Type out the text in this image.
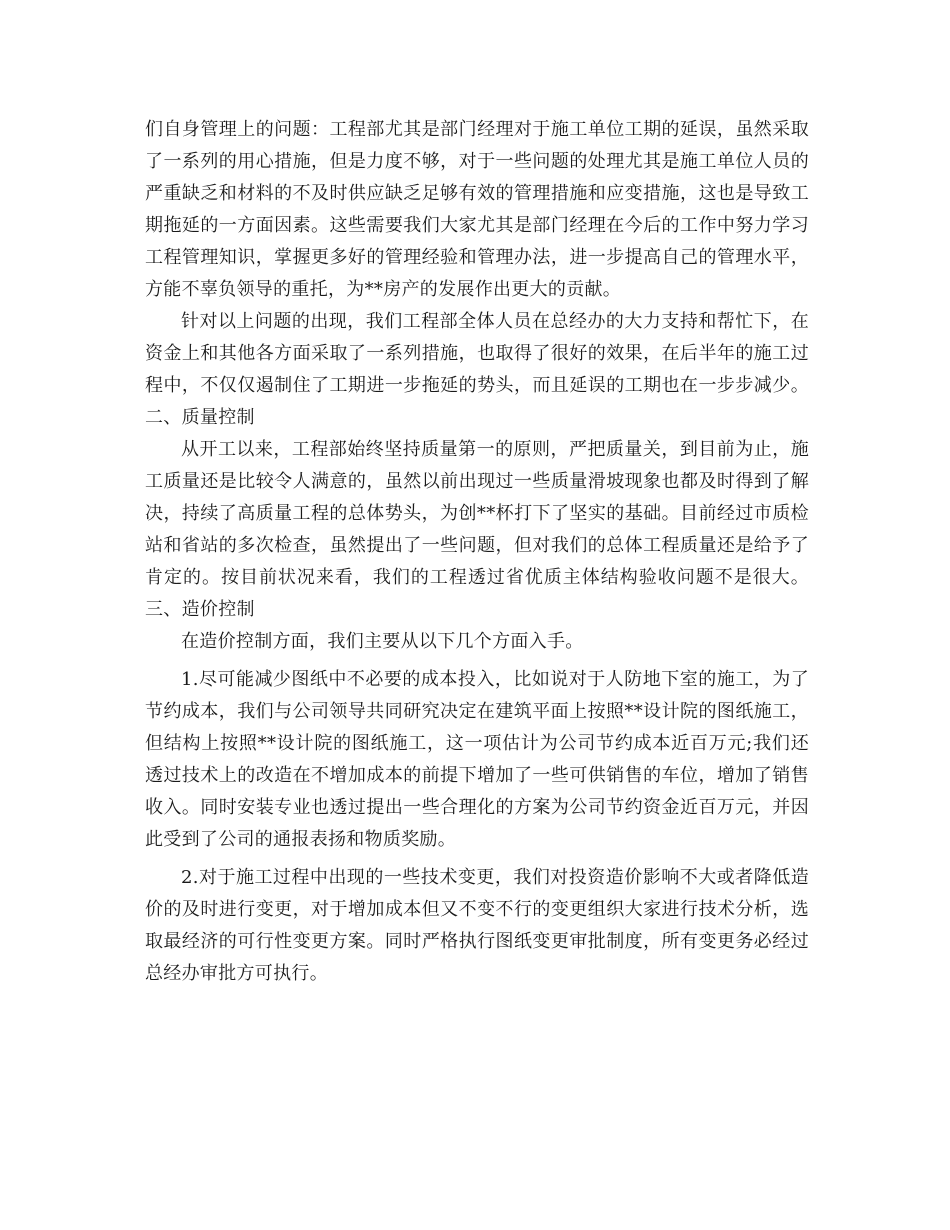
们自身管理上的问题：工程部尤其是部门经理对于施工单位工期的延误，虽然采取了一系列的用心措施，但是力度不够，对于一些问题的处理尤其是施工单位人员的严重缺乏和材料的不及时供应缺乏足够有效的管理措施和应变措施，这也是导致工期拖延的一方面因素。这些需要我们大家尤其是部门经理在今后的工作中努力学习工程管理知识，掌握更多好的管理经验和管理办法，进一步提高自己的管理水平，方能不辜负领导的重托，为**房产的发展作出更大的贡献。

针对以上问题的出现，我们工程部全体人员在总经办的大力支持和帮忙下，在资金上和其他各方面采取了一系列措施，也取得了很好的效果，在后半年的施工过程中，不仅仅遏制住了工期进一步拖延的势头，而且延误的工期也在一步步减少。二、质量控制

从开工以来，工程部始终坚持质量第一的原则，严把质量关，到目前为止，施工质量还是比较令人满意的，虽然以前出现过一些质量滑坡现象也都及时得到了解决，持续了高质量工程的总体势头，为创**杯打下了坚实的基础。目前经过市质检站和省站的多次检查，虽然提出了一些问题，但对我们的总体工程质量还是给予了肯定的。按目前状况来看，我们的工程透过省优质主体结构验收问题不是很大。三、造价控制

在造价控制方面，我们主要从以下几个方面入手。

1.尽可能减少图纸中不必要的成本投入，比如说对于人防地下室的施工，为了节约成本，我们与公司领导共同研究决定在建筑平面上按照**设计院的图纸施工，但结构上按照**设计院的图纸施工，这一项估计为公司节约成本近百万元;我们还透过技术上的改造在不增加成本的前提下增加了一些可供销售的车位，增加了销售收入。同时安装专业也透过提出一些合理化的方案为公司节约资金近百万元，并因此受到了公司的通报表扬和物质奖励。

2.对于施工过程中出现的一些技术变更，我们对投资造价影响不大或者降低造价的及时进行变更，对于增加成本但又不变不行的变更组织大家进行技术分析，选取最经济的可行性变更方案。同时严格执行图纸变更审批制度，所有变更务必经过总经办审批方可执行。
